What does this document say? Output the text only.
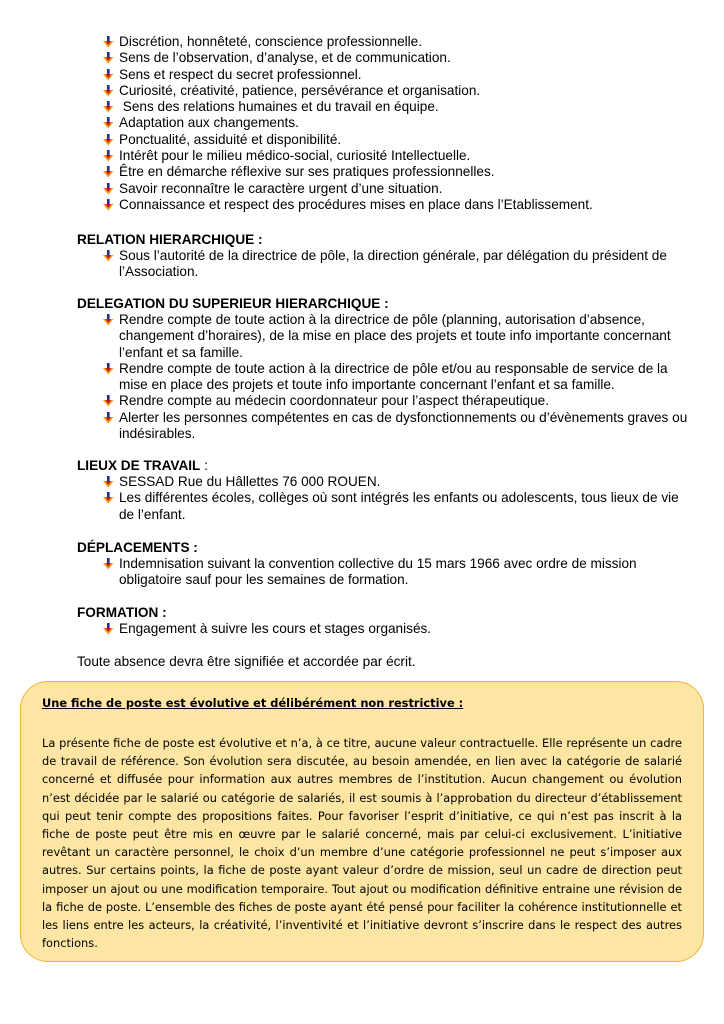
Discrétion, honnêteté, conscience professionnelle.
Sens de l’observation, d’analyse, et de communication.
Sens et respect du secret professionnel.
Curiosité, créativité, patience, persévérance et organisation.
Sens des relations humaines et du travail en équipe.
Adaptation aux changements.
Ponctualité, assiduité et disponibilité.
Intérêt pour le milieu médico-social, curiosité Intellectuelle.
Être en démarche réflexive sur ses pratiques professionnelles.
Savoir reconnaître le caractère urgent d’une situation.
Connaissance et respect des procédures mises en place dans l’Etablissement.
RELATION HIERARCHIQUE :
Sous l’autorité de la directrice de pôle, la direction générale, par délégation du président de l’Association.
DELEGATION DU SUPERIEUR HIERARCHIQUE :
Rendre compte de toute action à la directrice de pôle (planning, autorisation d’absence, changement d’horaires), de la mise en place des projets et toute info importante concernant l’enfant et sa famille.
Rendre compte de toute action à la directrice de pôle et/ou au responsable de service de la mise en place des projets et toute info importante concernant l’enfant et sa famille.
Rendre compte au médecin coordonnateur pour l’aspect thérapeutique.
Alerter les personnes compétentes en cas de dysfonctionnements ou d’évènements graves ou indésirables.
LIEUX DE TRAVAIL :
SESSAD Rue du Hâllettes 76 000 ROUEN.
Les différentes écoles, collèges où sont intégrés les enfants ou adolescents, tous lieux de vie de l’enfant.
DÉPLACEMENTS :
Indemnisation suivant la convention collective du 15 mars 1966 avec ordre de mission obligatoire sauf pour les semaines de formation.
FORMATION :
Engagement à suivre les cours et stages organisés.
Toute absence devra être signifiée et accordée par écrit.
Une fiche de poste est évolutive et délibérément non restrictive :

La présente fiche de poste est évolutive et n’a, à ce titre, aucune valeur contractuelle. Elle représente un cadre de travail de référence. Son évolution sera discutée, au besoin amendée, en lien avec la catégorie de salarié concerné et diffusée pour information aux autres membres de l’institution. Aucun changement ou évolution n’est décidée par le salarié ou catégorie de salariés, il est soumis à l’approbation du directeur d’établissement qui peut tenir compte des propositions faites. Pour favoriser l’esprit d’initiative, ce qui n’est pas inscrit à la fiche de poste peut être mis en œuvre par le salarié concerné, mais par celui-ci exclusivement. L’initiative revêtant un caractère personnel, le choix d’un membre d’une catégorie professionnel ne peut s’imposer aux autres. Sur certains points, la fiche de poste ayant valeur d’ordre de mission, seul un cadre de direction peut imposer un ajout ou une modification temporaire. Tout ajout ou modification définitive entraine une révision de la fiche de poste. L’ensemble des fiches de poste ayant été pensé pour faciliter la cohérence institutionnelle et les liens entre les acteurs, la créativité, l’inventivité et l’initiative devront s’inscrire dans le respect des autres fonctions.
